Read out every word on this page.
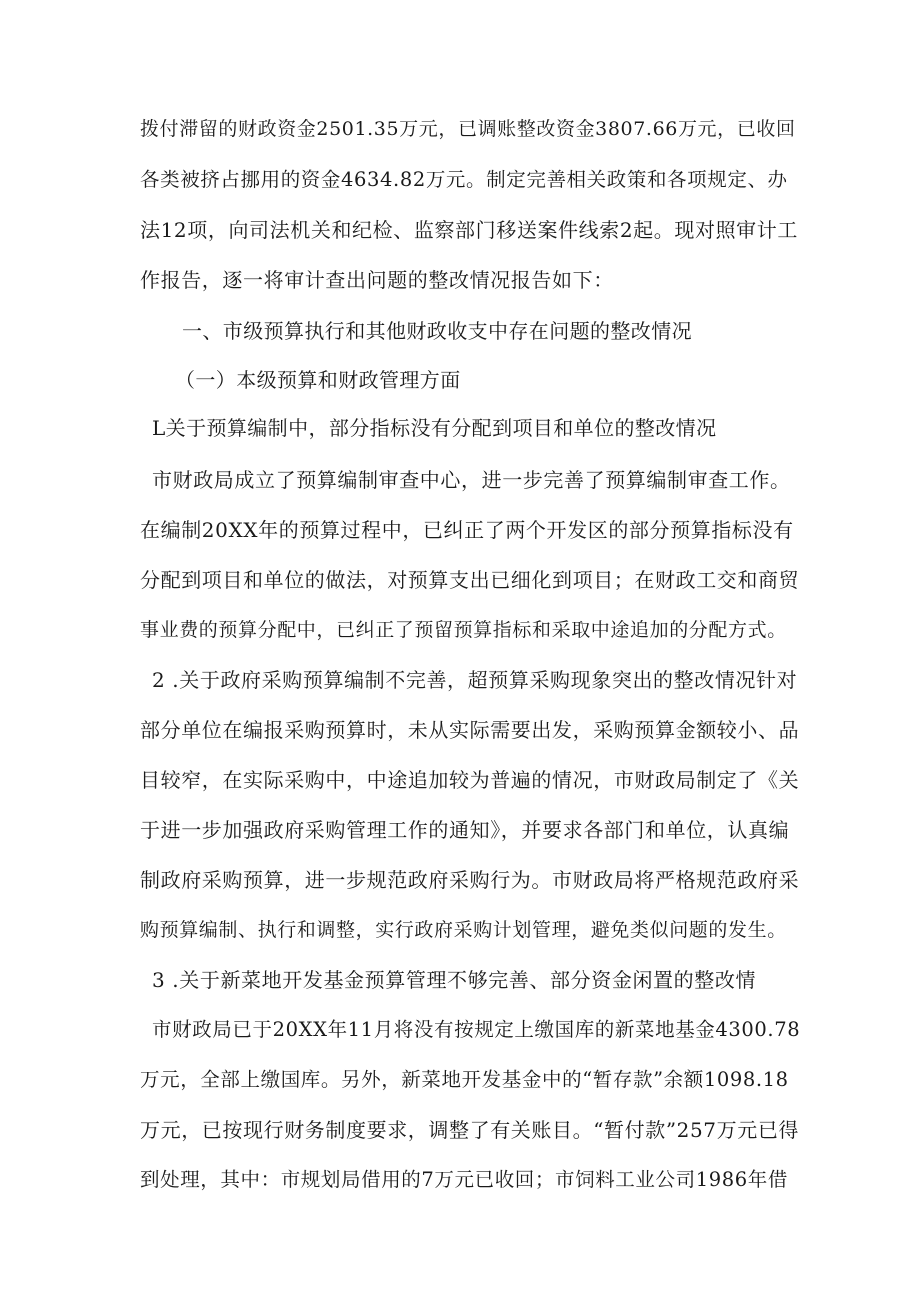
拨付滞留的财政资金2501.35万元，已调账整改资金3807.66万元，已收回

各类被挤占挪用的资金4634.82万元。制定完善相关政策和各项规定、办

法12项，向司法机关和纪检、监察部门移送案件线索2起。现对照审计工

作报告，逐一将审计查出问题的整改情况报告如下：

一、市级预算执行和其他财政收支中存在问题的整改情况

（一）本级预算和财政管理方面

L关于预算编制中，部分指标没有分配到项目和单位的整改情况

市财政局成立了预算编制审查中心，进一步完善了预算编制审查工作。

在编制20XX年的预算过程中，已纠正了两个开发区的部分预算指标没有

分配到项目和单位的做法，对预算支出已细化到项目；在财政工交和商贸

事业费的预算分配中，已纠正了预留预算指标和采取中途追加的分配方式。

2 .关于政府采购预算编制不完善，超预算采购现象突出的整改情况针对

部分单位在编报采购预算时，未从实际需要出发，采购预算金额较小、品

目较窄，在实际采购中，中途追加较为普遍的情况，市财政局制定了《关

于进一步加强政府采购管理工作的通知》，并要求各部门和单位，认真编

制政府采购预算，进一步规范政府采购行为。市财政局将严格规范政府采

购预算编制、执行和调整，实行政府采购计划管理，避免类似问题的发生。

3 .关于新菜地开发基金预算管理不够完善、部分资金闲置的整改情

市财政局已于20XX年11月将没有按规定上缴国库的新菜地基金4300.78

万元，全部上缴国库。另外，新菜地开发基金中的“暂存款”余额1098.18

万元，已按现行财务制度要求，调整了有关账目。“暂付款”257万元已得

到处理，其中：市规划局借用的7万元已收回；市饲料工业公司1986年借
